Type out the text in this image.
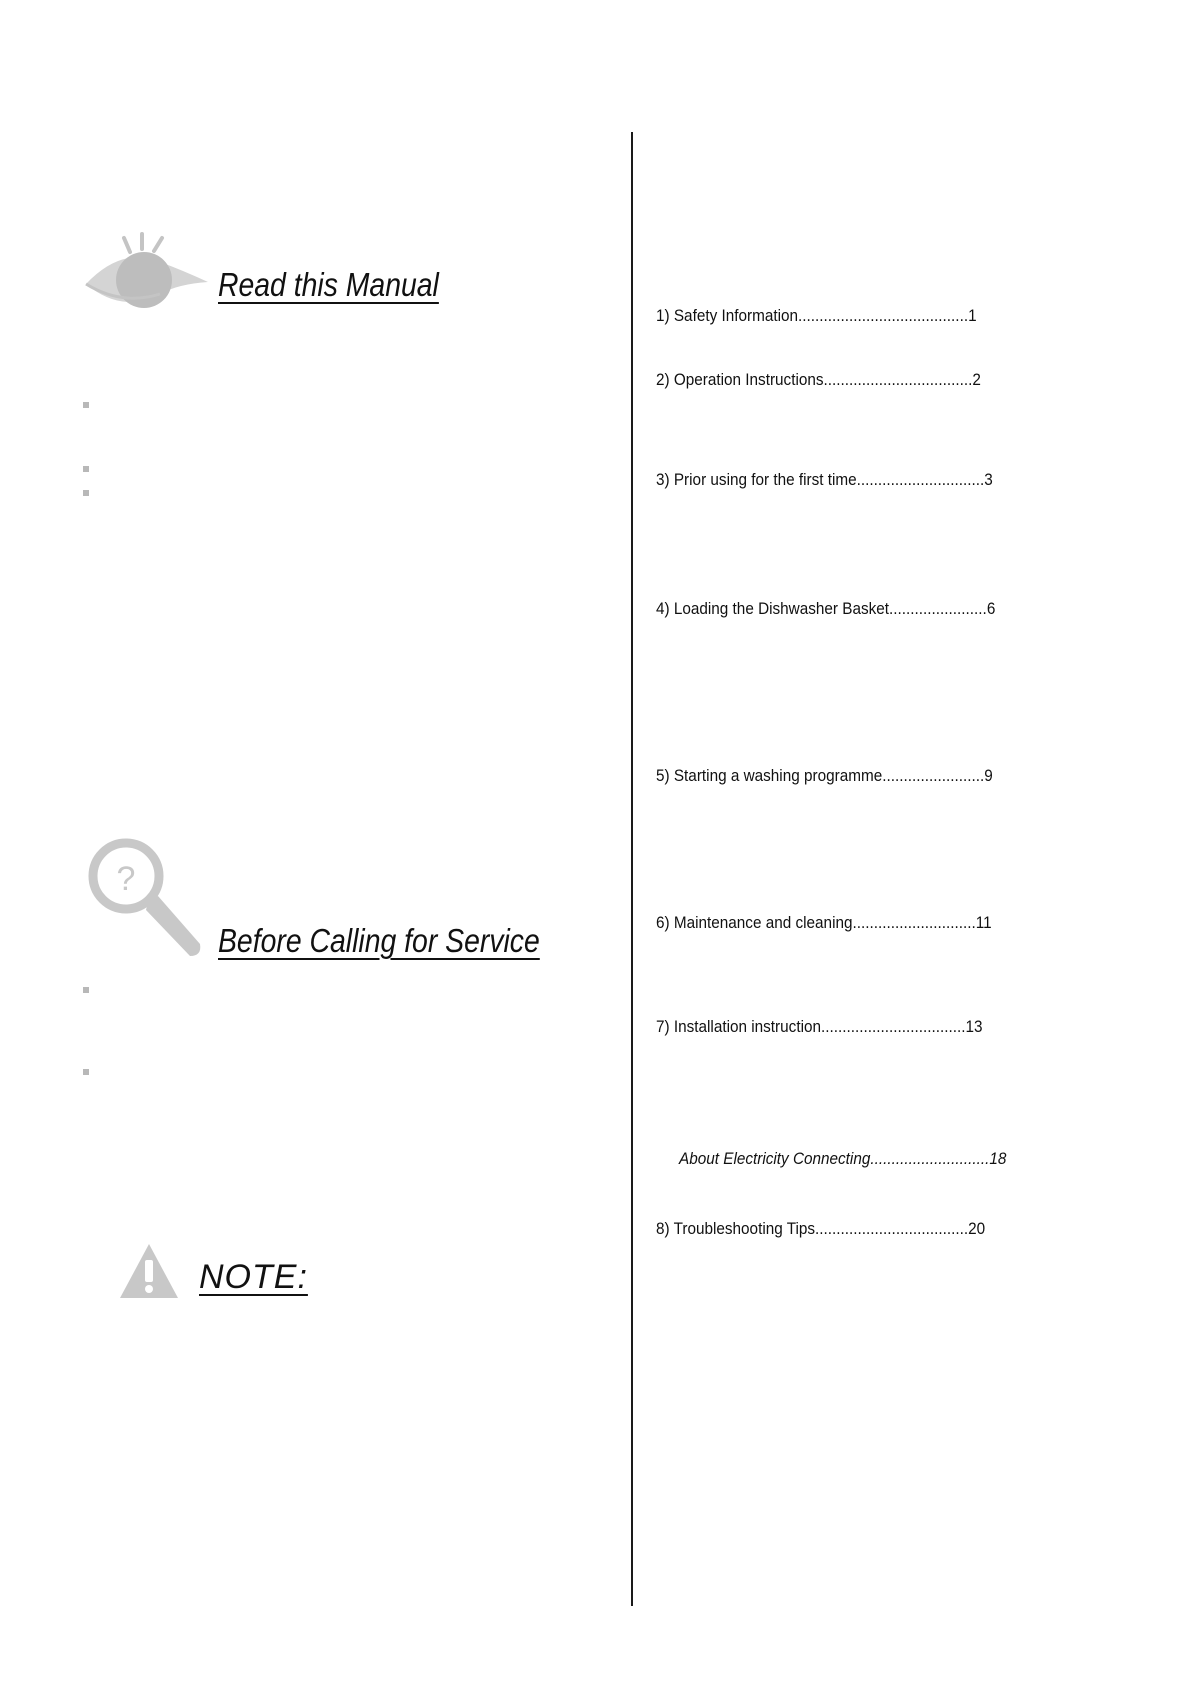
Read this Manual
?
Before Calling for Service
NOTE:
1) Safety Information........................................1
2) Operation Instructions...................................2
3) Prior using for the first time..............................3
4) Loading the Dishwasher Basket.......................6
5) Starting a washing programme........................9
6) Maintenance and cleaning.............................11
7) Installation instruction..................................13
About Electricity Connecting............................18
8) Troubleshooting Tips....................................20
